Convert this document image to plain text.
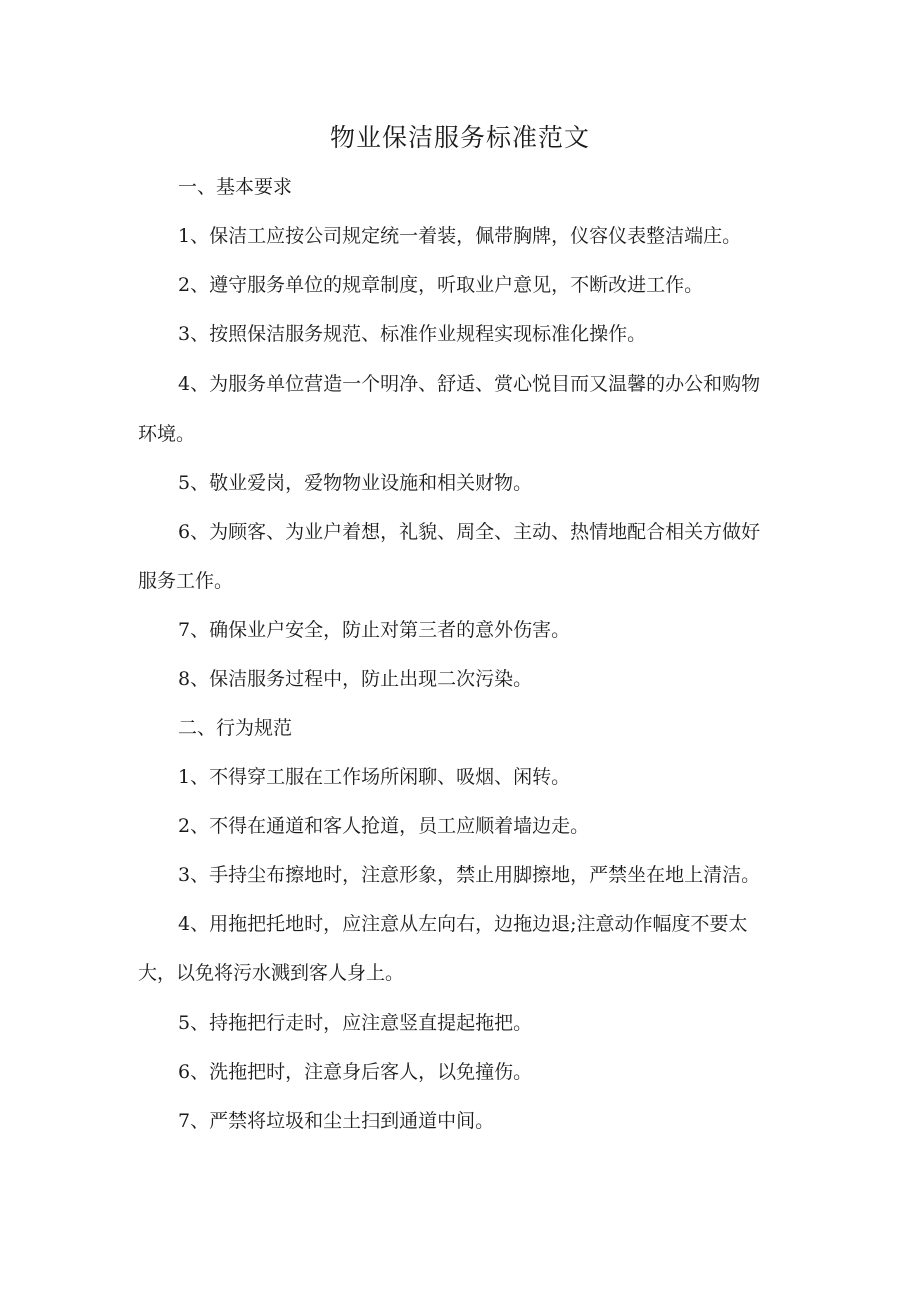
物业保洁服务标准范文
一、基本要求
1、保洁工应按公司规定统一着装，佩带胸牌，仪容仪表整洁端庄。
2、遵守服务单位的规章制度，听取业户意见，不断改进工作。
3、按照保洁服务规范、标准作业规程实现标准化操作。
4、为服务单位营造一个明净、舒适、赏心悦目而又温馨的办公和购物
环境。
5、敬业爱岗，爱物物业设施和相关财物。
6、为顾客、为业户着想，礼貌、周全、主动、热情地配合相关方做好
服务工作。
7、确保业户安全，防止对第三者的意外伤害。
8、保洁服务过程中，防止出现二次污染。
二、行为规范
1、不得穿工服在工作场所闲聊、吸烟、闲转。
2、不得在通道和客人抢道，员工应顺着墙边走。
3、手持尘布擦地时，注意形象，禁止用脚擦地，严禁坐在地上清洁。
4、用拖把托地时，应注意从左向右，边拖边退;注意动作幅度不要太
大，以免将污水溅到客人身上。
5、持拖把行走时，应注意竖直提起拖把。
6、洗拖把时，注意身后客人，以免撞伤。
7、严禁将垃圾和尘土扫到通道中间。
